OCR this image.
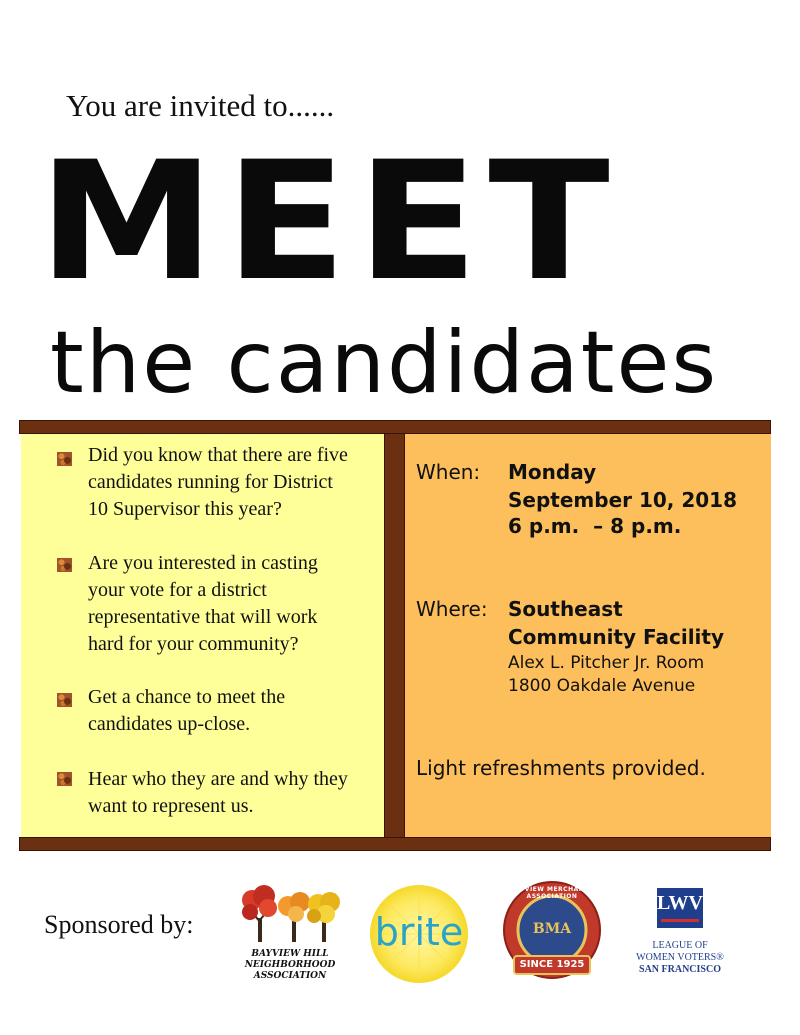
You are invited to......
MEET
the candidates
Did you know that there are five
candidates running for District
10 Supervisor this year?
Are you interested in casting
your vote for a district
representative that will work
hard for your community?
Get a chance to meet the
candidates up-close.
Hear who they are and why they
want to represent us.
When: Monday
September 10, 2018
6 p.m.  – 8 p.m.
Where: Southeast
Community Facility
Alex L. Pitcher Jr. Room
1800 Oakdale Avenue
Light refreshments provided.
Sponsored by:
BAYVIEW HILL
NEIGHBORHOOD
ASSOCIATION
brite	BMA
SINCE 1925
BAYVIEW MERCHANTS ASSOCIATION	LWV
LEAGUE OF
WOMEN VOTERS®
SAN FRANCISCO
